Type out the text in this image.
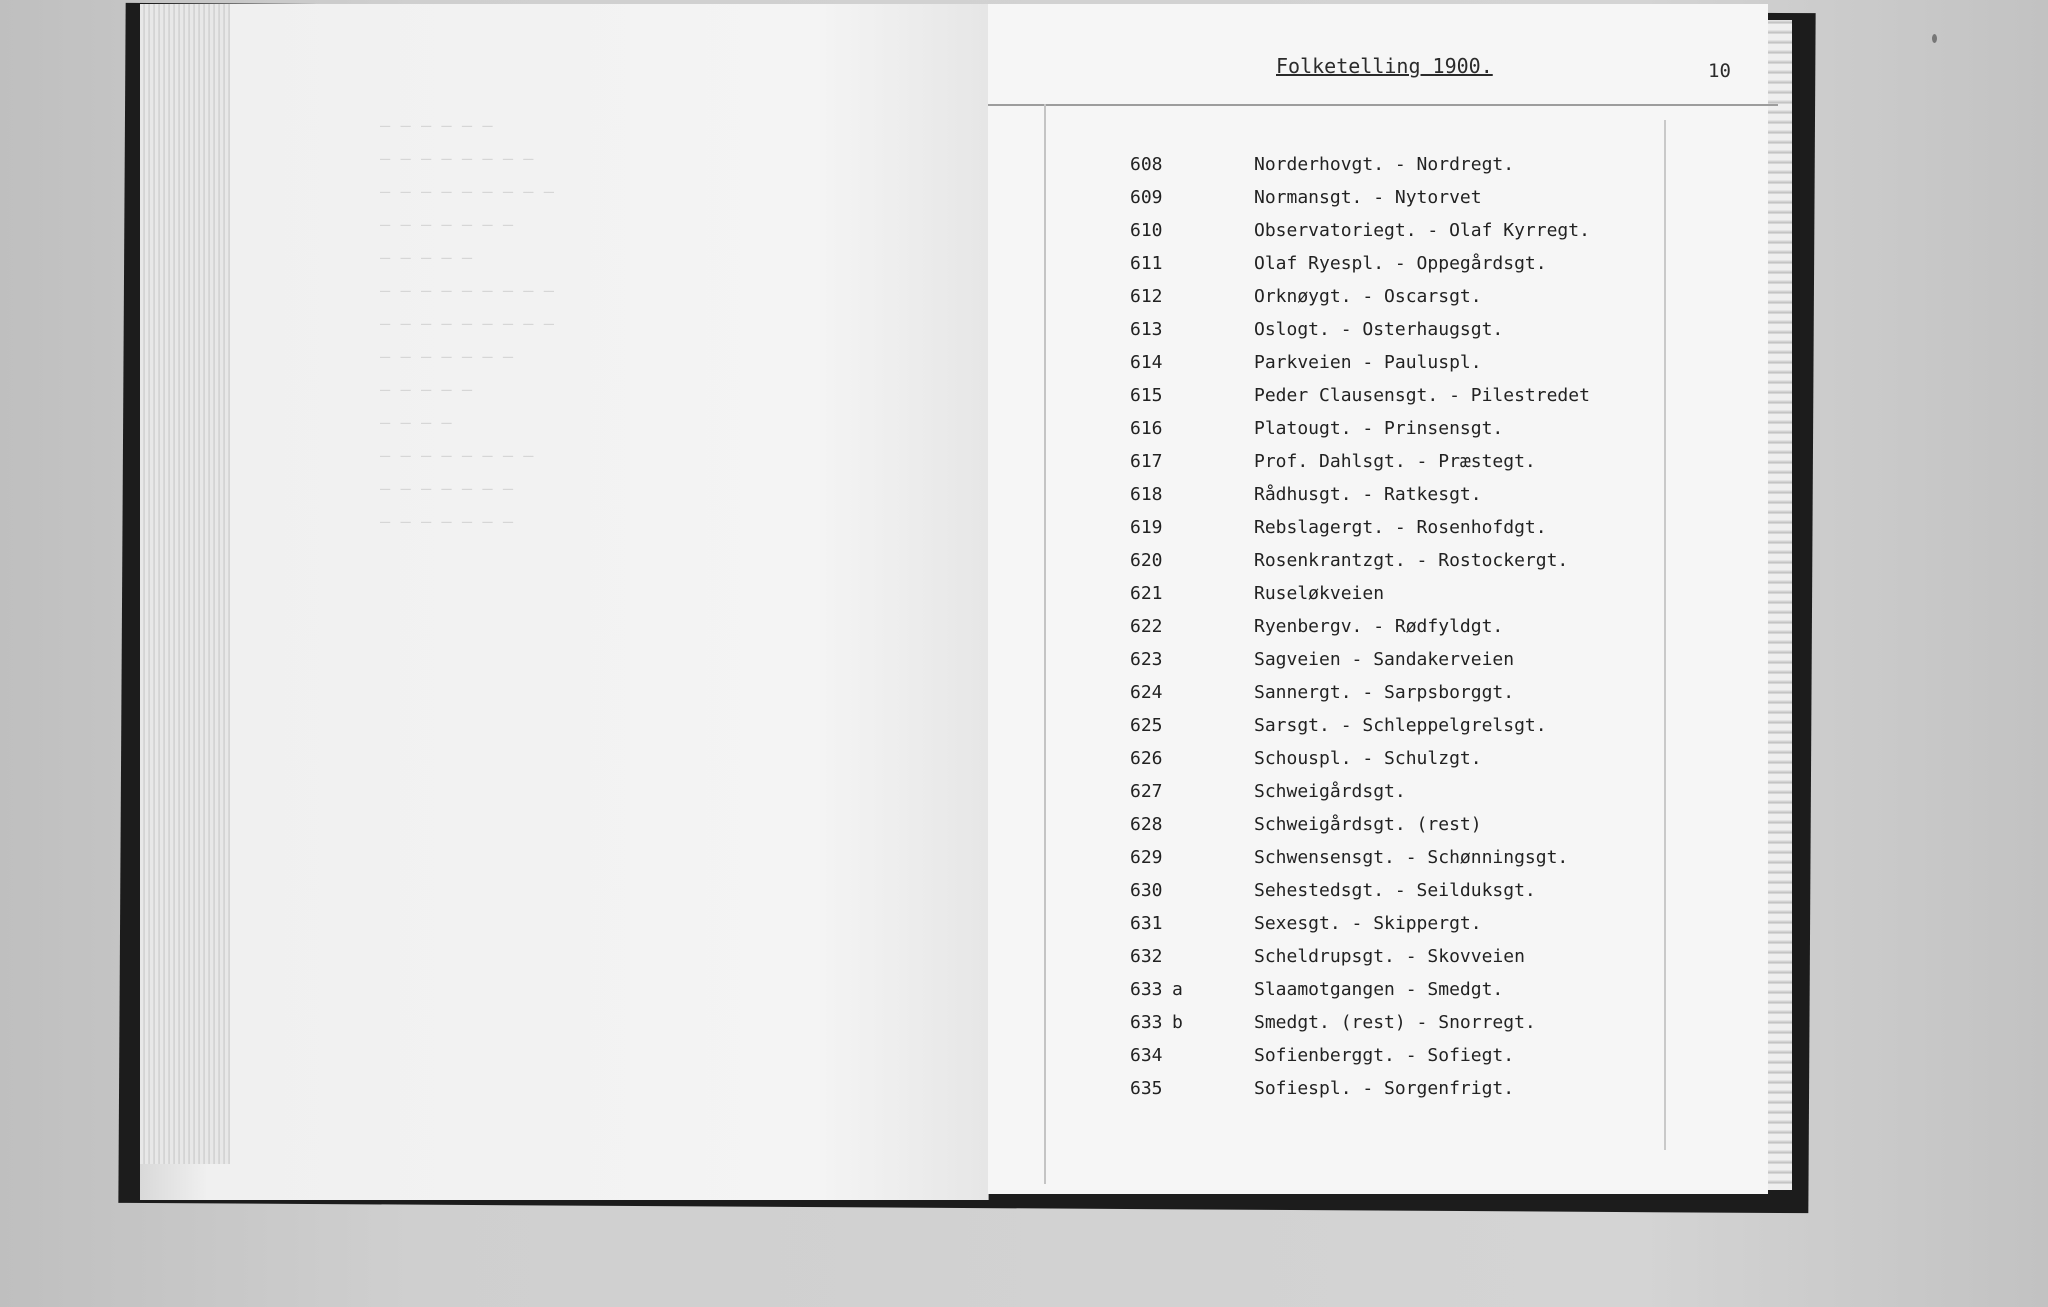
— — — — — —
— — — — — — — —
— — — — — — — — —
— — — — — — —
— — — — —
— — — — — — — — —
— — — — — — — — —
— — — — — — —
— — — — —
— — — —
— — — — — — — —
— — — — — — —
— — — — — — —
Folketelling 1900.	10
608	Norderhovgt. - Nordregt.
609	Normansgt. - Nytorvet
610	Observatoriegt. - Olaf Kyrregt.
611	Olaf Ryespl. - Oppegårdsgt.
612	Orknøygt. - Oscarsgt.
613	Oslogt. - Osterhaugsgt.
614	Parkveien - Pauluspl.
615	Peder Clausensgt. - Pilestredet
616	Platougt. - Prinsensgt.
617	Prof. Dahlsgt. - Præstegt.
618	Rådhusgt. - Ratkesgt.
619	Rebslagergt. - Rosenhofdgt.
620	Rosenkrantzgt. - Rostockergt.
621	Ruseløkveien
622	Ryenbergv. - Rødfyldgt.
623	Sagveien - Sandakerveien
624	Sannergt. - Sarpsborggt.
625	Sarsgt. - Schleppelgrelsgt.
626	Schouspl. - Schulzgt.
627	Schweigårdsgt.
628	Schweigårdsgt. (rest)
629	Schwensensgt. - Schønningsgt.
630	Sehestedsgt. - Seilduksgt.
631	Sexesgt. - Skippergt.
632	Scheldrupsgt. - Skovveien
633 a	Slaamotgangen - Smedgt.
633 b	Smedgt. (rest) - Snorregt.
634	Sofienberggt. - Sofiegt.
635	Sofiespl. - Sorgenfrigt.
